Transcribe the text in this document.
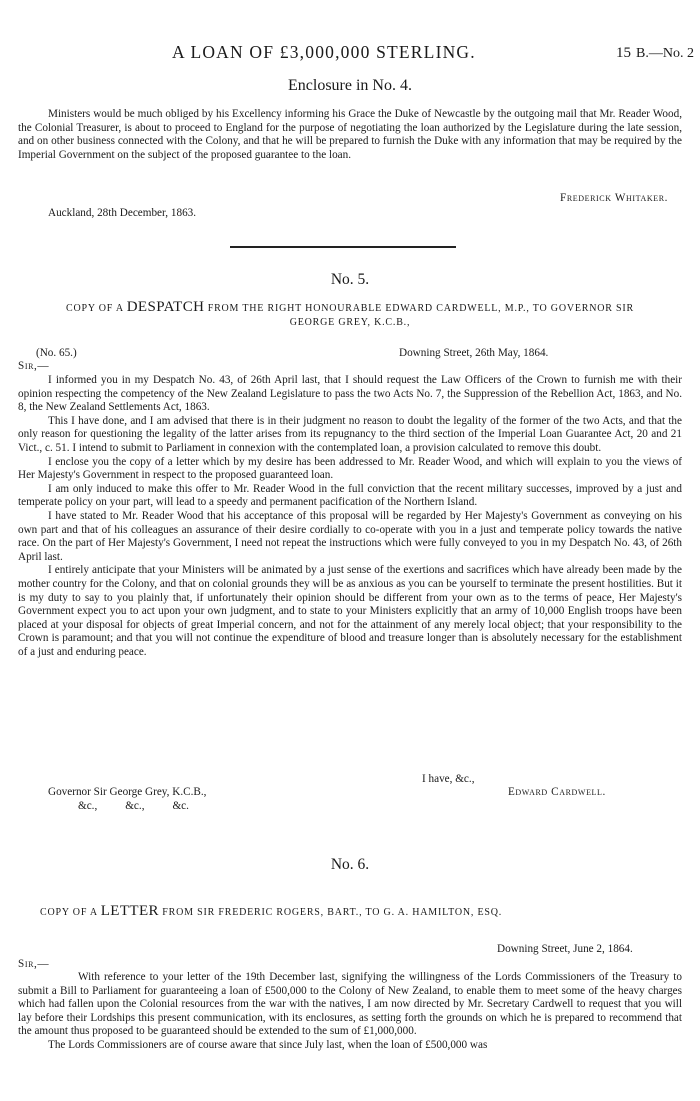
A LOAN OF £3,000,000 STERLING.	15 B.—No. 2
Enclosure in No. 4.

Ministers would be much obliged by his Excellency informing his Grace the Duke of Newcastle by the outgoing mail that Mr. Reader Wood, the Colonial Treasurer, is about to proceed to England for the purpose of negotiating the loan authorized by the Legislature during the late session, and on other business connected with the Colony, and that he will be prepared to furnish the Duke with any information that may be required by the Imperial Government on the subject of the proposed guarantee to the loan.

Frederick Whitaker.
Auckland, 28th December, 1863.
No. 5.
COPY OF A DESPATCH FROM THE RIGHT HONOURABLE EDWARD CARDWELL, M.P., TO GOVERNOR SIR
GEORGE GREY, K.C.B.,
(No. 65.)	Downing Street, 26th May, 1864.
Sir,—

I informed you in my Despatch No. 43, of 26th April last, that I should request the Law Officers of the Crown to furnish me with their opinion respecting the competency of the New Zealand Legislature to pass the two Acts No. 7, the Suppression of the Rebellion Act, 1863, and No. 8, the New Zealand Settlements Act, 1863.

This I have done, and I am advised that there is in their judgment no reason to doubt the legality of the former of the two Acts, and that the only reason for questioning the legality of the latter arises from its repugnancy to the third section of the Imperial Loan Guarantee Act, 20 and 21 Vict., c. 51. I intend to submit to Parliament in connexion with the contemplated loan, a provision calculated to remove this doubt.

I enclose you the copy of a letter which by my desire has been addressed to Mr. Reader Wood, and which will explain to you the views of Her Majesty's Government in respect to the proposed guaranteed loan.

I am only induced to make this offer to Mr. Reader Wood in the full conviction that the recent military successes, improved by a just and temperate policy on your part, will lead to a speedy and permanent pacification of the Northern Island.

I have stated to Mr. Reader Wood that his acceptance of this proposal will be regarded by Her Majesty's Government as conveying on his own part and that of his colleagues an assurance of their desire cordially to co-operate with you in a just and temperate policy towards the native race. On the part of Her Majesty's Government, I need not repeat the instructions which were fully conveyed to you in my Despatch No. 43, of 26th April last.

I entirely anticipate that your Ministers will be animated by a just sense of the exertions and sacrifices which have already been made by the mother country for the Colony, and that on colonial grounds they will be as anxious as you can be yourself to terminate the present hostilities. But it is my duty to say to you plainly that, if unfortunately their opinion should be different from your own as to the terms of peace, Her Majesty's Government expect you to act upon your own judgment, and to state to your Ministers explicitly that an army of 10,000 English troops have been placed at your disposal for objects of great Imperial concern, and not for the attainment of any merely local object; that your responsibility to the Crown is paramount; and that you will not continue the expenditure of blood and treasure longer than is absolutely necessary for the establishment of a just and enduring peace.

I have, &c.,
Edward Cardwell.
Governor Sir George Grey, K.C.B.,
&c.,          &c.,          &c.
No. 6.
COPY OF A LETTER FROM SIR FREDERIC ROGERS, BART., TO G. A. HAMILTON, ESQ.
Downing Street, June 2, 1864.
Sir,—

With reference to your letter of the 19th December last, signifying the willingness of the Lords Commissioners of the Treasury to submit a Bill to Parliament for guaranteeing a loan of £500,000 to the Colony of New Zealand, to enable them to meet some of the heavy charges which had fallen upon the Colonial resources from the war with the natives, I am now directed by Mr. Secretary Cardwell to request that you will lay before their Lordships this present communication, with its enclosures, as setting forth the grounds on which he is prepared to recommend that the amount thus proposed to be guaranteed should be extended to the sum of £1,000,000.

The Lords Commissioners are of course aware that since July last, when the loan of £500,000 was
